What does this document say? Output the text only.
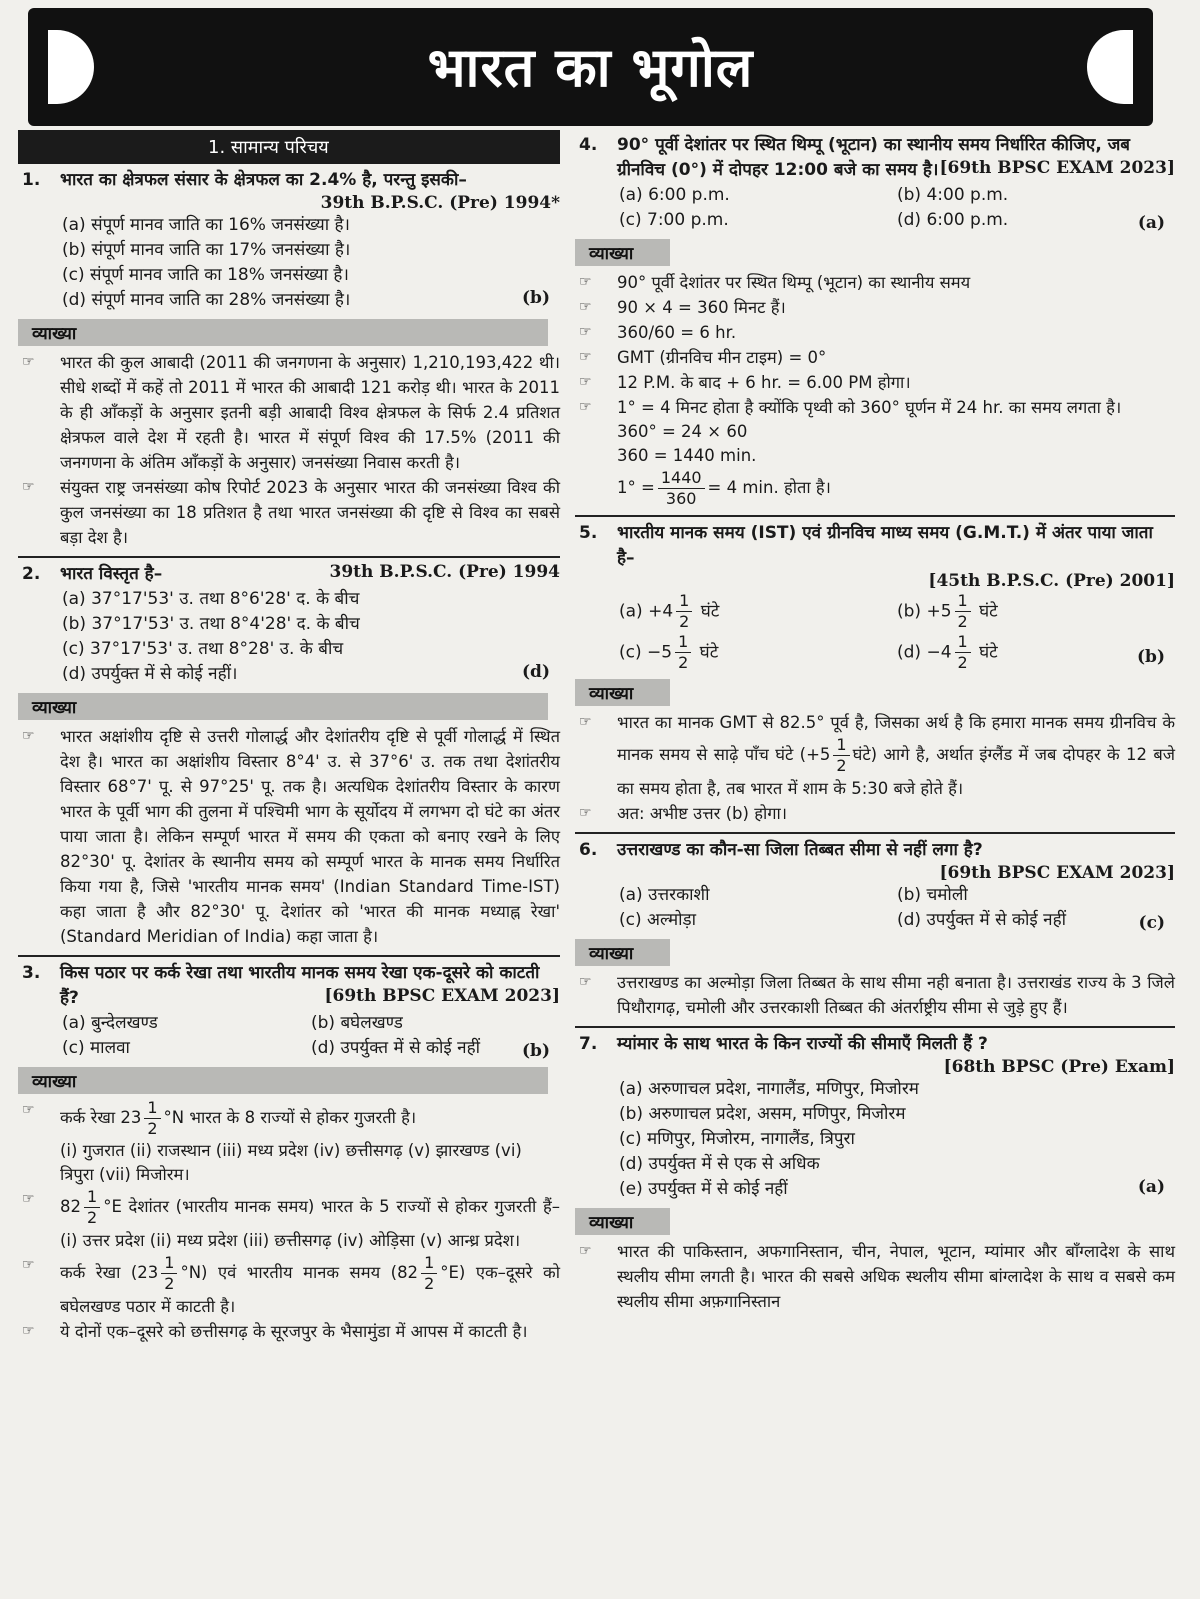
भारत का भूगोल
1. सामान्य परिचय
1. भारत का क्षेत्रफल संसार के क्षेत्रफल का 2.4% है, परन्तु इसकी–
39th B.P.S.C. (Pre) 1994*
(a) संपूर्ण मानव जाति का 16% जनसंख्या है।
(b) संपूर्ण मानव जाति का 17% जनसंख्या है।
(c) संपूर्ण मानव जाति का 18% जनसंख्या है।
(d) संपूर्ण मानव जाति का 28% जनसंख्या है।	(b)
व्याख्या
☞ भारत की कुल आबादी (2011 की जनगणना के अनुसार) 1,210,193,422 थी। सीधे शब्दों में कहें तो 2011 में भारत की आबादी 121 करोड़ थी। भारत के 2011 के ही आँकड़ों के अनुसार इतनी बड़ी आबादी विश्व क्षेत्रफल के सिर्फ 2.4 प्रतिशत क्षेत्रफल वाले देश में रहती है। भारत में संपूर्ण विश्व की 17.5% (2011 की जनगणना के अंतिम आँकड़ों के अनुसार) जनसंख्या निवास करती है।
☞ संयुक्त राष्ट्र जनसंख्या कोष रिपोर्ट 2023 के अनुसार भारत की जनसंख्या विश्व की कुल जनसंख्या का 18 प्रतिशत है तथा भारत जनसंख्या की दृष्टि से विश्व का सबसे बड़ा देश है।
2. भारत विस्तृत है–	39th B.P.S.C. (Pre) 1994
(a) 37°17'53' उ. तथा 8°6'28' द. के बीच
(b) 37°17'53' उ. तथा 8°4'28' द. के बीच
(c) 37°17'53' उ. तथा 8°28' उ. के बीच
(d) उपर्युक्त में से कोई नहीं।	(d)
व्याख्या
☞ भारत अक्षांशीय दृष्टि से उत्तरी गोलार्द्ध और देशांतरीय दृष्टि से पूर्वी गोलार्द्ध में स्थित देश है। भारत का अक्षांशीय विस्तार 8°4' उ. से 37°6' उ. तक तथा देशांतरीय विस्तार 68°7' पू. से 97°25' पू. तक है। अत्यधिक देशांतरीय विस्तार के कारण भारत के पूर्वी भाग की तुलना में पश्चिमी भाग के सूर्योदय में लगभग दो घंटे का अंतर पाया जाता है। लेकिन सम्पूर्ण भारत में समय की एकता को बनाए रखने के लिए 82°30' पू. देशांतर के स्थानीय समय को सम्पूर्ण भारत के मानक समय निर्धारित किया गया है, जिसे 'भारतीय मानक समय' (Indian Standard Time-IST) कहा जाता है और 82°30' पू. देशांतर को 'भारत की मानक मध्याह्न रेखा' (Standard Meridian of India) कहा जाता है।
3. किस पठार पर कर्क रेखा तथा भारतीय मानक समय रेखा एक-दूसरे को काटती हैं?	[69th BPSC EXAM 2023]
(a) बुन्देलखण्ड	(b) बघेलखण्ड
(c) मालवा	(d) उपर्युक्त में से कोई नहीं	(b)
व्याख्या
☞ कर्क रेखा $23 \frac{1}{2} ^\circ N$ भारत के 8 राज्यों से होकर गुजरती है।
(i) गुजरात (ii) राजस्थान (iii) मध्य प्रदेश (iv) छत्तीसगढ़ (v) झारखण्ड (vi) त्रिपुरा (vii) मिजोरम।
☞ $82 \frac{1}{2} ^\circ E$ देशांतर (भारतीय मानक समय) भारत के 5 राज्यों से होकर गुजरती हैं– (i) उत्तर प्रदेश (ii) मध्य प्रदेश (iii) छत्तीसगढ़ (iv) ओड़िसा (v) आन्ध्र प्रदेश।
☞ कर्क रेखा $(23 \frac{1}{2} ^\circ N)$ एवं भारतीय मानक समय $(82 \frac{1}{2} ^\circ E)$ एक–दूसरे को बघेलखण्ड पठार में काटती है।
☞ ये दोनों एक–दूसरे को छत्तीसगढ़ के सूरजपुर के भैसामुंडा में आपस में काटती है।
4. 90° पूर्वी देशांतर पर स्थित थिम्पू (भूटान) का स्थानीय समय निर्धारित कीजिए, जब ग्रीनविच (0°) में दोपहर 12:00 बजे का समय है। [69th BPSC EXAM 2023]
(a) 6:00 p.m.	(b) 4:00 p.m.
(c) 7:00 p.m.	(d) 6:00 p.m.	(a)
व्याख्या
☞ 90° पूर्वी देशांतर पर स्थित थिम्पू (भूटान) का स्थानीय समय
☞ 90 × 4 = 360 मिनट हैं।
☞ 360/60 = 6 hr.
☞ GMT (ग्रीनविच मीन टाइम) = 0°
☞ 12 P.M. के बाद + 6 hr. = 6.00 PM होगा।
☞ 1° = 4 मिनट होता है क्योंकि पृथ्वी को 360° घूर्णन में 24 hr. का समय लगता है।
360° = 24 × 60
360 = 1440 min.
$1^\circ = \frac{1440}{360} = 4$ min. होता है।
5. भारतीय मानक समय (IST) एवं ग्रीनविच माध्य समय (G.M.T.) में अंतर पाया जाता है–
[45th B.P.S.C. (Pre) 2001]
$(a) +4 \frac{1}{2}$ घंटे	$(b) +5 \frac{1}{2}$ घंटे
$(c) -5 \frac{1}{2}$ घंटे	$(d) -4 \frac{1}{2}$ घंटे	(b)
व्याख्या
☞ भारत का मानक GMT से 82.5° पूर्व है, जिसका अर्थ है कि हमारा मानक समय ग्रीनविच के मानक समय से साढ़े पाँच घंटे ($+5 \frac{1}{2}$ घंटे) आगे है, अर्थात इंग्लैंड में जब दोपहर के 12 बजे का समय होता है, तब भारत में शाम के 5:30 बजे होते हैं।
☞ अत: अभीष्ट उत्तर (b) होगा।
6. उत्तराखण्ड का कौन-सा जिला तिब्बत सीमा से नहीं लगा है?
[69th BPSC EXAM 2023]
(a) उत्तरकाशी	(b) चमोली
(c) अल्मोड़ा	(d) उपर्युक्त में से कोई नहीं	(c)
व्याख्या
☞ उत्तराखण्ड का अल्मोड़ा जिला तिब्बत के साथ सीमा नही बनाता है। उत्तराखंड राज्य के 3 जिले पिथौरागढ़, चमोली और उत्तरकाशी तिब्बत की अंतर्राष्ट्रीय सीमा से जुड़े हुए हैं।
7. म्यांमार के साथ भारत के किन राज्यों की सीमाएँ मिलती हैं ?
[68th BPSC (Pre) Exam]
(a) अरुणाचल प्रदेश, नागालैंड, मणिपुर, मिजोरम
(b) अरुणाचल प्रदेश, असम, मणिपुर, मिजोरम
(c) मणिपुर, मिजोरम, नागालैंड, त्रिपुरा
(d) उपर्युक्त में से एक से अधिक
(e) उपर्युक्त में से कोई नहीं	(a)
व्याख्या
☞ भारत की पाकिस्तान, अफगानिस्तान, चीन, नेपाल, भूटान, म्यांमार और बाँग्लादेश के साथ स्थलीय सीमा लगती है। भारत की सबसे अधिक स्थलीय सीमा बांग्लादेश के साथ व सबसे कम स्थलीय सीमा अफ़गानिस्तान
